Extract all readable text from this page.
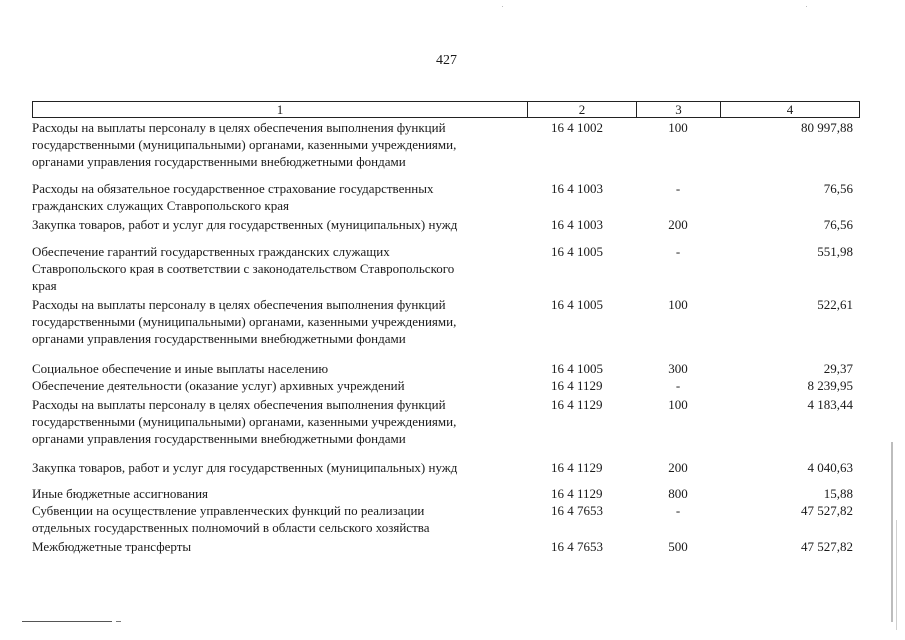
427
1	2	3	4
Расходы на выплаты персоналу в целях обеспечения выполнения функций
государственными (муниципальными) органами, казенными учреждениями,
органами управления государственными внебюджетными фондами
16 4 1002	100	80 997,88
Расходы на обязательное государственное страхование государственных
гражданских служащих Ставропольского края
16 4 1003	-	76,56
Закупка товаров, работ и услуг для государственных (муниципальных) нужд	16 4 1003	200	76,56
Обеспечение гарантий государственных гражданских служащих
Ставропольского края в соответствии с законодательством Ставропольского
края
16 4 1005	-	551,98
Расходы на выплаты персоналу в целях обеспечения выполнения функций
государственными (муниципальными) органами, казенными учреждениями,
органами управления государственными внебюджетными фондами
16 4 1005	100	522,61
Социальное обеспечение и иные выплаты населению	16 4 1005	300	29,37
Обеспечение деятельности (оказание услуг) архивных учреждений	16 4 1129	-	8 239,95
Расходы на выплаты персоналу в целях обеспечения выполнения функций
государственными (муниципальными) органами, казенными учреждениями,
органами управления государственными внебюджетными фондами
16 4 1129	100	4 183,44
Закупка товаров, работ и услуг для государственных (муниципальных) нужд	16 4 1129	200	4 040,63
Иные бюджетные ассигнования	16 4 1129	800	15,88
Субвенции на осуществление управленческих функций по реализации
отдельных государственных полномочий в области сельского хозяйства
16 4 7653	-	47 527,82
Межбюджетные трансферты	16 4 7653	500	47 527,82
